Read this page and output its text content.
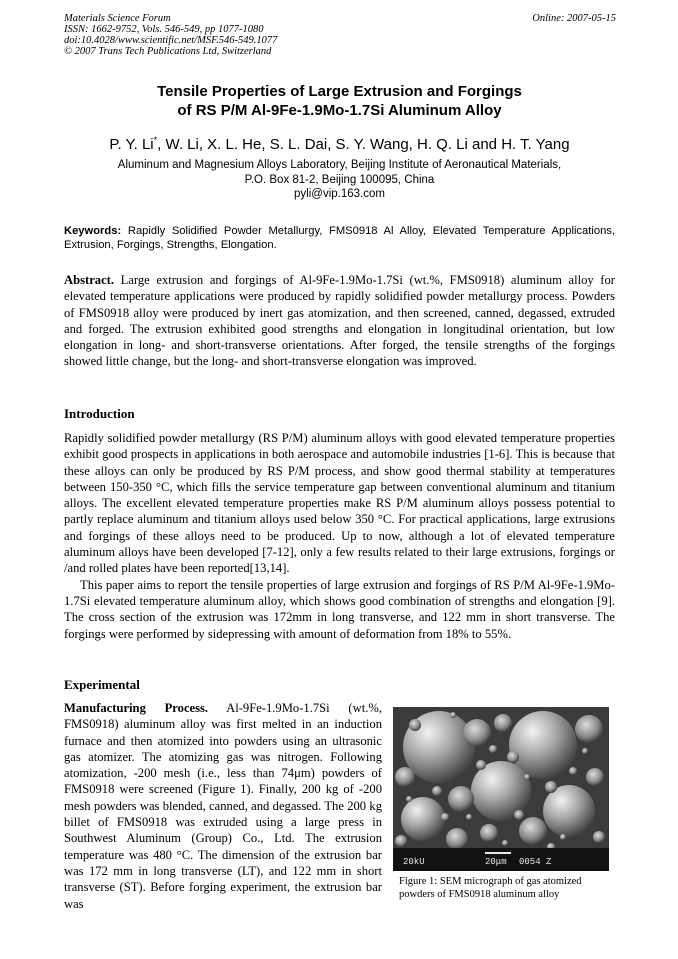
Materials Science Forum
ISSN: 1662-9752, Vols. 546-549, pp 1077-1080
doi:10.4028/www.scientific.net/MSF.546-549.1077
© 2007 Trans Tech Publications Ltd, Switzerland
Online: 2007-05-15
Tensile Properties of Large Extrusion and Forgings
of RS P/M Al-9Fe-1.9Mo-1.7Si Aluminum Alloy
P. Y. Li*, W. Li, X. L. He, S. L. Dai, S. Y. Wang, H. Q. Li and H. T. Yang
Aluminum and Magnesium Alloys Laboratory, Beijing Institute of Aeronautical Materials,
P.O. Box 81-2, Beijing 100095, China
pyli@vip.163.com
Keywords: Rapidly Solidified Powder Metallurgy, FMS0918 Al Alloy, Elevated Temperature Applications, Extrusion, Forgings, Strengths, Elongation.
Abstract. Large extrusion and forgings of Al-9Fe-1.9Mo-1.7Si (wt.%, FMS0918) aluminum alloy for elevated temperature applications were produced by rapidly solidified powder metallurgy process. Powders of FMS0918 alloy were produced by inert gas atomization, and then screened, canned, degassed, extruded and forged. The extrusion exhibited good strengths and elongation in longitudinal orientation, but low elongation in long- and short-transverse orientations. After forged, the tensile strengths of the forgings showed little change, but the long- and short-transverse elongation was improved.
Introduction

Rapidly solidified powder metallurgy (RS P/M) aluminum alloys with good elevated temperature properties exhibit good prospects in applications in both aerospace and automobile industries [1-6]. This is because that these alloys can only be produced by RS P/M process, and show good thermal stability at temperatures between 150-350 °C, which fills the service temperature gap between conventional aluminum and titanium alloys. The excellent elevated temperature properties make RS P/M aluminum alloys possess potential to partly replace aluminum and titanium alloys used below 350 °C. For practical applications, large extrusions and forgings of these alloys need to be produced. Up to now, although a lot of elevated temperature aluminum alloys have been developed [7-12], only a few results related to their large extrusions, forgings or /and rolled plates have been reported[13,14].

This paper aims to report the tensile properties of large extrusion and forgings of RS P/M Al-9Fe-1.9Mo-1.7Si elevated temperature aluminum alloy, which shows good combination of strengths and elongation [9]. The cross section of the extrusion was 172mm in long transverse, and 122 mm in short transverse. The forgings were performed by sidepressing with amount of deformation from 18% to 55%.

Experimental
Manufacturing Process. Al-9Fe-1.9Mo-1.7Si (wt.%, FMS0918) aluminum alloy was first melted in an induction furnace and then atomized into powders using an ultrasonic gas atomizer. The atomizing gas was nitrogen. Following atomization, -200 mesh (i.e., less than 74μm) powders of FMS0918 were screened (Figure 1). Finally, 200 kg of -200 mesh powders was blended, canned, and degassed. The 200 kg billet of FMS0918 was extruded using a large press in Southwest Aluminum (Group) Co., Ltd. The extrusion temperature was 480 °C. The dimension of the extrusion bar was 172 mm in long transverse (LT), and 122 mm in short transverse (ST). Before forging experiment, the extrusion bar was
20kU	20μm 0054 Z
Figure 1: SEM micrograph of gas atomized powders of FMS0918 aluminum alloy
